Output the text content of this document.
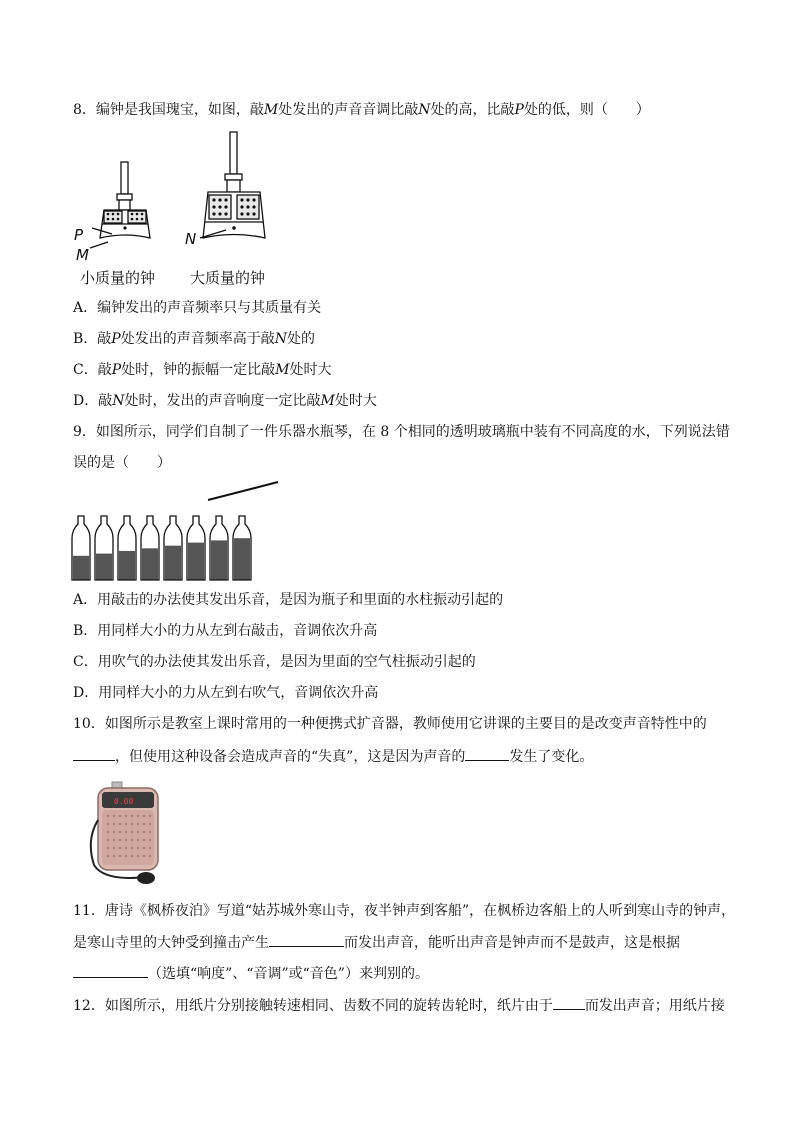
8．编钟是我国瑰宝，如图，敲M处发出的声音音调比敲N处的高，比敲P处的低，则（　　）
P
M
N
小质量的钟 大质量的钟
A．编钟发出的声音频率只与其质量有关
B．敲P处发出的声音频率高于敲N处的
C．敲P处时，钟的振幅一定比敲M处时大
D．敲N处时，发出的声音响度一定比敲M处时大
9．如图所示，同学们自制了一件乐器水瓶琴，在 8 个相同的透明玻璃瓶中装有不同高度的水，下列说法错
误的是（　　）
A．用敲击的办法使其发出乐音，是因为瓶子和里面的水柱振动引起的
B．用同样大小的力从左到右敲击，音调依次升高
C．用吹气的办法使其发出乐音，是因为里面的空气柱振动引起的
D．用同样大小的力从左到右吹气，音调依次升高
10．如图所示是教室上课时常用的一种便携式扩音器，教师使用它讲课的主要目的是改变声音特性中的
，但使用这种设备会造成声音的“失真”，这是因为声音的	发生了变化。
0.00
11．唐诗《枫桥夜泊》写道“姑苏城外寒山寺，夜半钟声到客船”，在枫桥边客船上的人听到寒山寺的钟声，
是寒山寺里的大钟受到撞击产生	而发出声音，能听出声音是钟声而不是鼓声，这是根据
（选填“响度”、“音调”或“音色”）来判别的。
12．如图所示，用纸片分别接触转速相同、齿数不同的旋转齿轮时，纸片由于 而发出声音；用纸片接
